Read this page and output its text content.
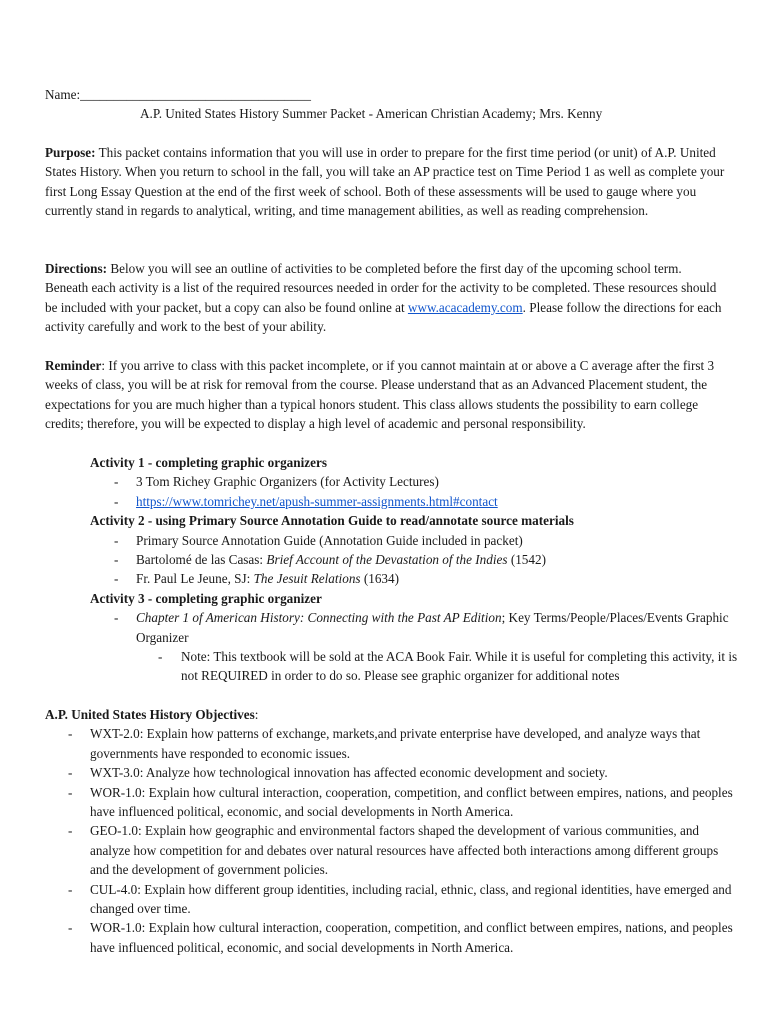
Name:___________________________________
A.P. United States History Summer Packet - American Christian Academy; Mrs. Kenny
Purpose: This packet contains information that you will use in order to prepare for the first time period (or unit) of A.P. United States History. When you return to school in the fall, you will take an AP practice test on Time Period 1 as well as complete your first Long Essay Question at the end of the first week of school. Both of these assessments will be used to gauge where you currently stand in regards to analytical, writing, and time management abilities, as well as reading comprehension.
Directions: Below you will see an outline of activities to be completed before the first day of the upcoming school term. Beneath each activity is a list of the required resources needed in order for the activity to be completed. These resources should be included with your packet, but a copy can also be found online at www.acacademy.com. Please follow the directions for each activity carefully and work to the best of your ability.
Reminder: If you arrive to class with this packet incomplete, or if you cannot maintain at or above a C average after the first 3 weeks of class, you will be at risk for removal from the course. Please understand that as an Advanced Placement student, the expectations for you are much higher than a typical honors student. This class allows students the possibility to earn college credits; therefore, you will be expected to display a high level of academic and personal responsibility.
Activity 1 - completing graphic organizers
- 3 Tom Richey Graphic Organizers (for Activity Lectures)
- https://www.tomrichey.net/apush-summer-assignments.html#contact
Activity 2 - using Primary Source Annotation Guide to read/annotate source materials
- Primary Source Annotation Guide (Annotation Guide included in packet)
- Bartolomé de las Casas: Brief Account of the Devastation of the Indies (1542)
- Fr. Paul Le Jeune, SJ: The Jesuit Relations (1634)
Activity 3 - completing graphic organizer
- Chapter 1 of American History: Connecting with the Past AP Edition; Key Terms/People/Places/Events Graphic Organizer
- Note: This textbook will be sold at the ACA Book Fair. While it is useful for completing this activity, it is not REQUIRED in order to do so. Please see graphic organizer for additional notes
A.P. United States History Objectives:
- WXT-2.0: Explain how patterns of exchange, markets,and private enterprise have developed, and analyze ways that governments have responded to economic issues.
- WXT-3.0: Analyze how technological innovation has affected economic development and society.
- WOR-1.0: Explain how cultural interaction, cooperation, competition, and conflict between empires, nations, and peoples have influenced political, economic, and social developments in North America.
- GEO-1.0: Explain how geographic and environmental factors shaped the development of various communities, and analyze how competition for and debates over natural resources have affected both interactions among different groups and the development of government policies.
- CUL-4.0: Explain how different group identities, including racial, ethnic, class, and regional identities, have emerged and changed over time.
- WOR-1.0: Explain how cultural interaction, cooperation, competition, and conflict between empires, nations, and peoples have influenced political, economic, and social developments in North America.
